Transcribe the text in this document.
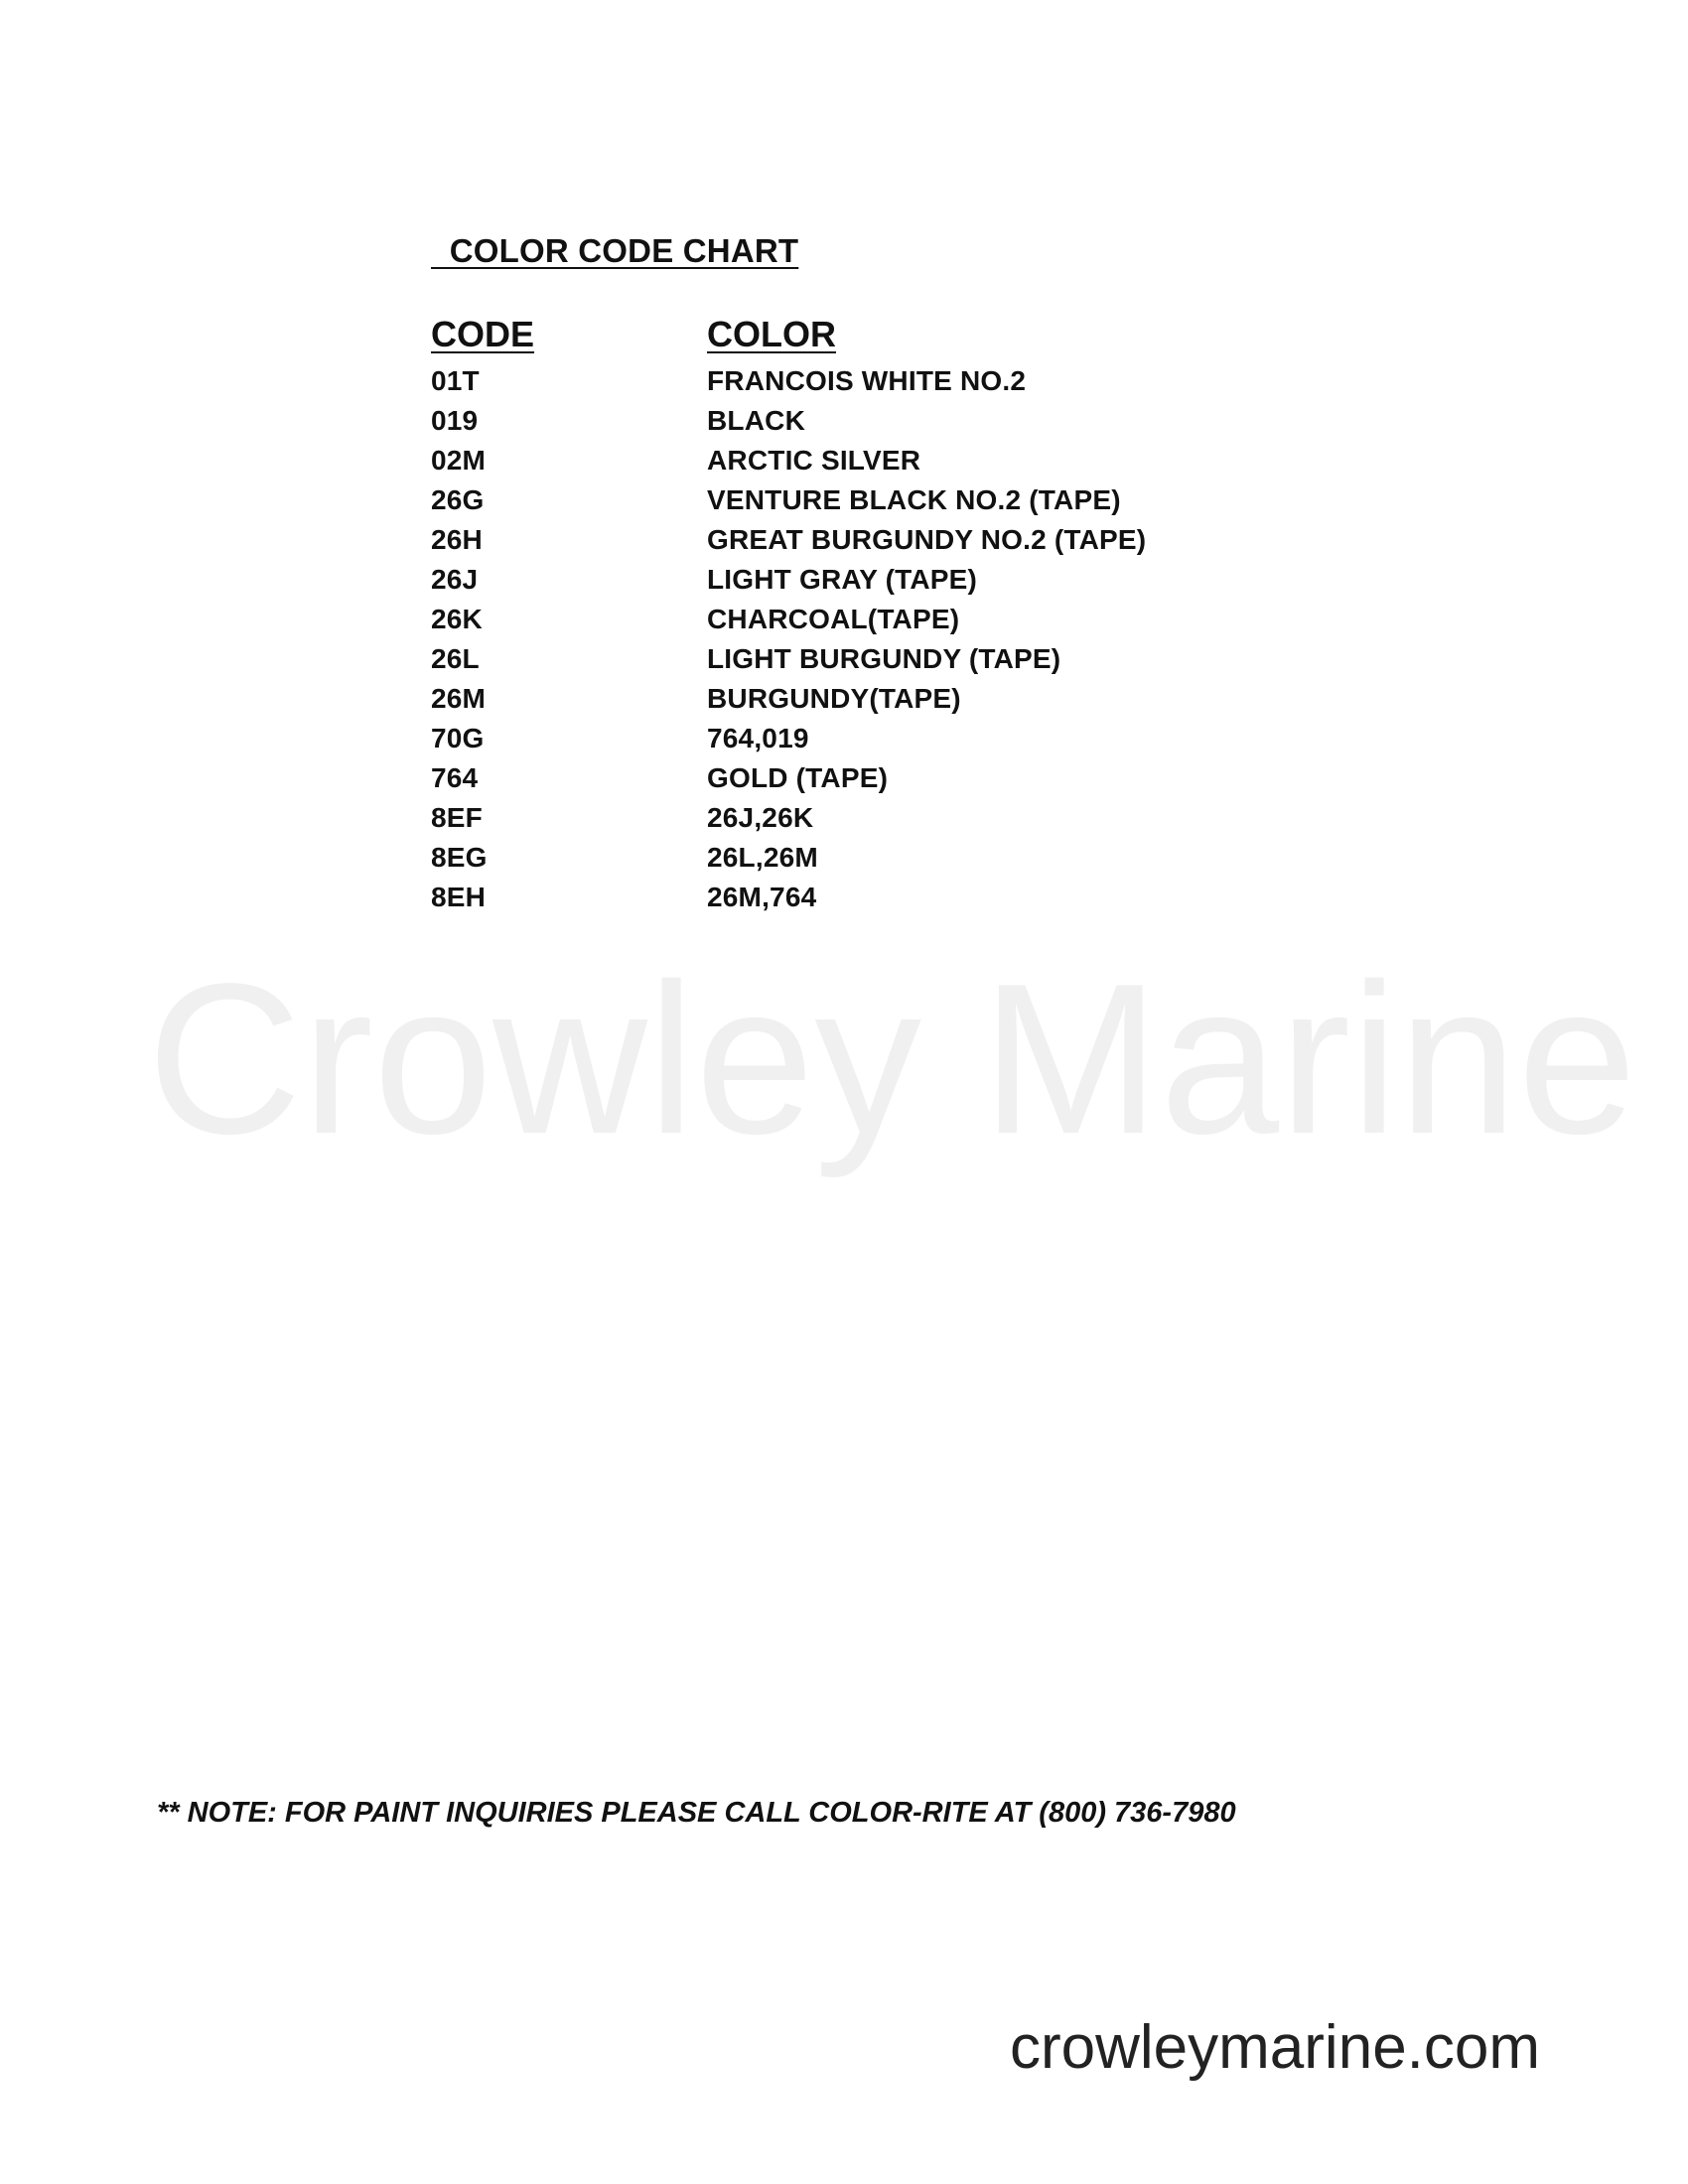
Crowley Marine
COLOR CODE CHART
CODE	COLOR
01T	FRANCOIS WHITE NO.2
019	BLACK
02M	ARCTIC SILVER
26G	VENTURE BLACK NO.2 (TAPE)
26H	GREAT BURGUNDY NO.2 (TAPE)
26J	LIGHT GRAY (TAPE)
26K	CHARCOAL(TAPE)
26L	LIGHT BURGUNDY (TAPE)
26M	BURGUNDY(TAPE)
70G	764,019
764	GOLD (TAPE)
8EF	26J,26K
8EG	26L,26M
8EH	26M,764
** NOTE: FOR PAINT INQUIRIES PLEASE CALL COLOR-RITE AT (800) 736-7980
crowleymarine.com
